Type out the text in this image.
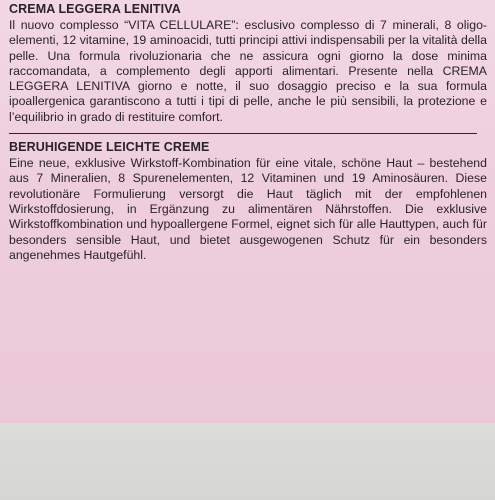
CREMA LEGGERA LENITIVA

Il nuovo complesso “VITA CELLULARE”: esclusivo complesso di 7 minerali, 8 oligo-elementi, 12 vitamine, 19 aminoacidi, tutti principi attivi indispensabili per la vitalità della pelle. Una formula rivoluzionaria che ne assicura ogni giorno la dose minima raccomandata, a complemento degli apporti alimentari. Presente nella CREMA LEGGERA LENITIVA giorno e notte, il suo dosaggio preciso e la sua formula ipoallergenica garantiscono a tutti i tipi di pelle, anche le più sensibili, la protezione e l’equilibrio in grado di restituire comfort.

BERUHIGENDE LEICHTE CREME

Eine neue, exklusive Wirkstoff-Kombination für eine vitale, schöne Haut – bestehend aus 7 Mineralien, 8 Spurenelementen, 12 Vitaminen und 19 Aminosäuren. Diese revolutionäre Formulierung versorgt die Haut täglich mit der empfohlenen Wirkstoffdosierung, in Ergänzung zu alimentären Nährstoffen. Die exklusive Wirkstoffkombination und hypoallergene Formel, eignet sich für alle Hauttypen, auch für besonders sensible Haut, und bietet ausgewogenen Schutz für ein besonders angenehmes Hautgefühl.
